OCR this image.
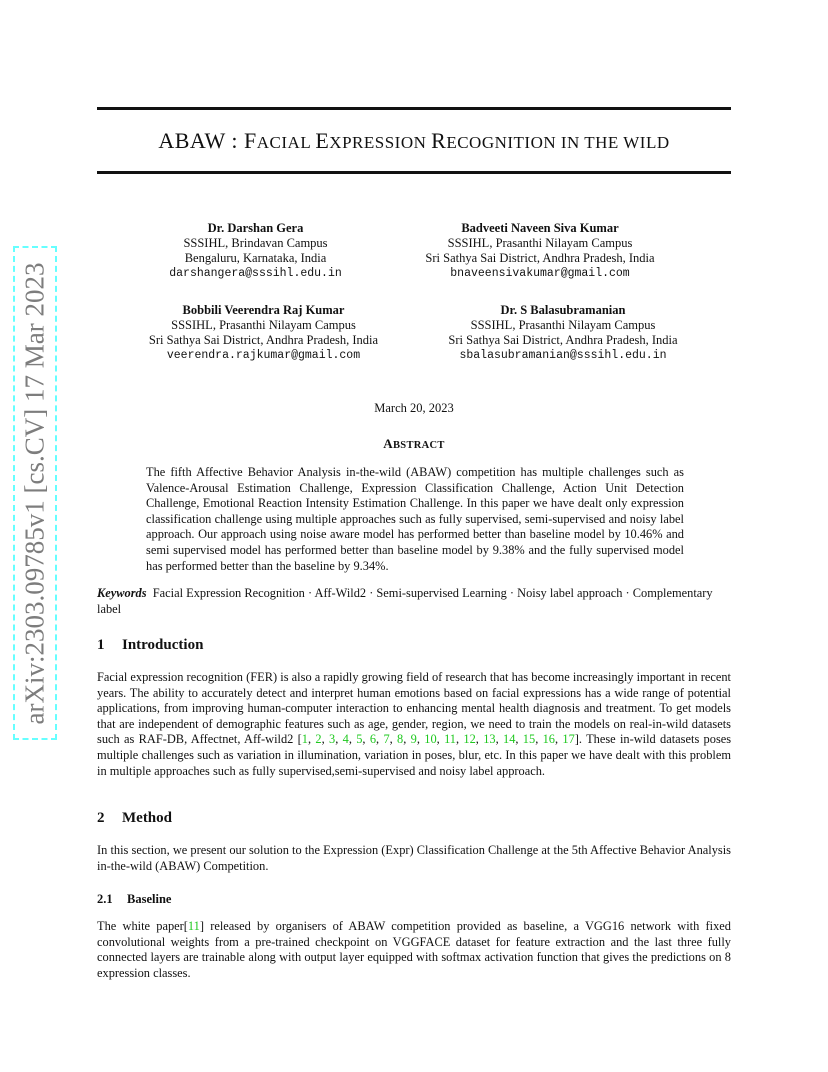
arXiv:2303.09785v1 [cs.CV] 17 Mar 2023
ABAW : FACIAL EXPRESSION RECOGNITION IN THE WILD
Dr. Darshan Gera
SSSIHL, Brindavan Campus
Bengaluru, Karnataka, India
darshangera@sssihl.edu.in
Badveeti Naveen Siva Kumar
SSSIHL, Prasanthi Nilayam Campus
Sri Sathya Sai District, Andhra Pradesh, India
bnaveensivakumar@gmail.com
Bobbili Veerendra Raj Kumar
SSSIHL, Prasanthi Nilayam Campus
Sri Sathya Sai District, Andhra Pradesh, India
veerendra.rajkumar@gmail.com
Dr. S Balasubramanian
SSSIHL, Prasanthi Nilayam Campus
Sri Sathya Sai District, Andhra Pradesh, India
sbalasubramanian@sssihl.edu.in
March 20, 2023
ABSTRACT
The fifth Affective Behavior Analysis in-the-wild (ABAW) competition has multiple challenges such as Valence-Arousal Estimation Challenge, Expression Classification Challenge, Action Unit Detection Challenge, Emotional Reaction Intensity Estimation Challenge. In this paper we have dealt only expression classification challenge using multiple approaches such as fully supervised, semi-supervised and noisy label approach. Our approach using noise aware model has performed better than baseline model by 10.46% and semi supervised model has performed better than baseline model by 9.38% and the fully supervised model has performed better than the baseline by 9.34%.
Keywords Facial Expression Recognition · Aff-Wild2 · Semi-supervised Learning · Noisy label approach · Complementary label
1 Introduction
Facial expression recognition (FER) is also a rapidly growing field of research that has become increasingly important in recent years. The ability to accurately detect and interpret human emotions based on facial expressions has a wide range of potential applications, from improving human-computer interaction to enhancing mental health diagnosis and treatment. To get models that are independent of demographic features such as age, gender, region, we need to train the models on real-in-wild datasets such as RAF-DB, Affectnet, Aff-wild2 [1, 2, 3, 4, 5, 6, 7, 8, 9, 10, 11, 12, 13, 14, 15, 16, 17]. These in-wild datasets poses multiple challenges such as variation in illumination, variation in poses, blur, etc. In this paper we have dealt with this problem in multiple approaches such as fully supervised,semi-supervised and noisy label approach.
2 Method
In this section, we present our solution to the Expression (Expr) Classification Challenge at the 5th Affective Behavior Analysis in-the-wild (ABAW) Competition.
2.1 Baseline
The white paper[11] released by organisers of ABAW competition provided as baseline, a VGG16 network with fixed convolutional weights from a pre-trained checkpoint on VGGFACE dataset for feature extraction and the last three fully connected layers are trainable along with output layer equipped with softmax activation function that gives the predictions on 8 expression classes.
